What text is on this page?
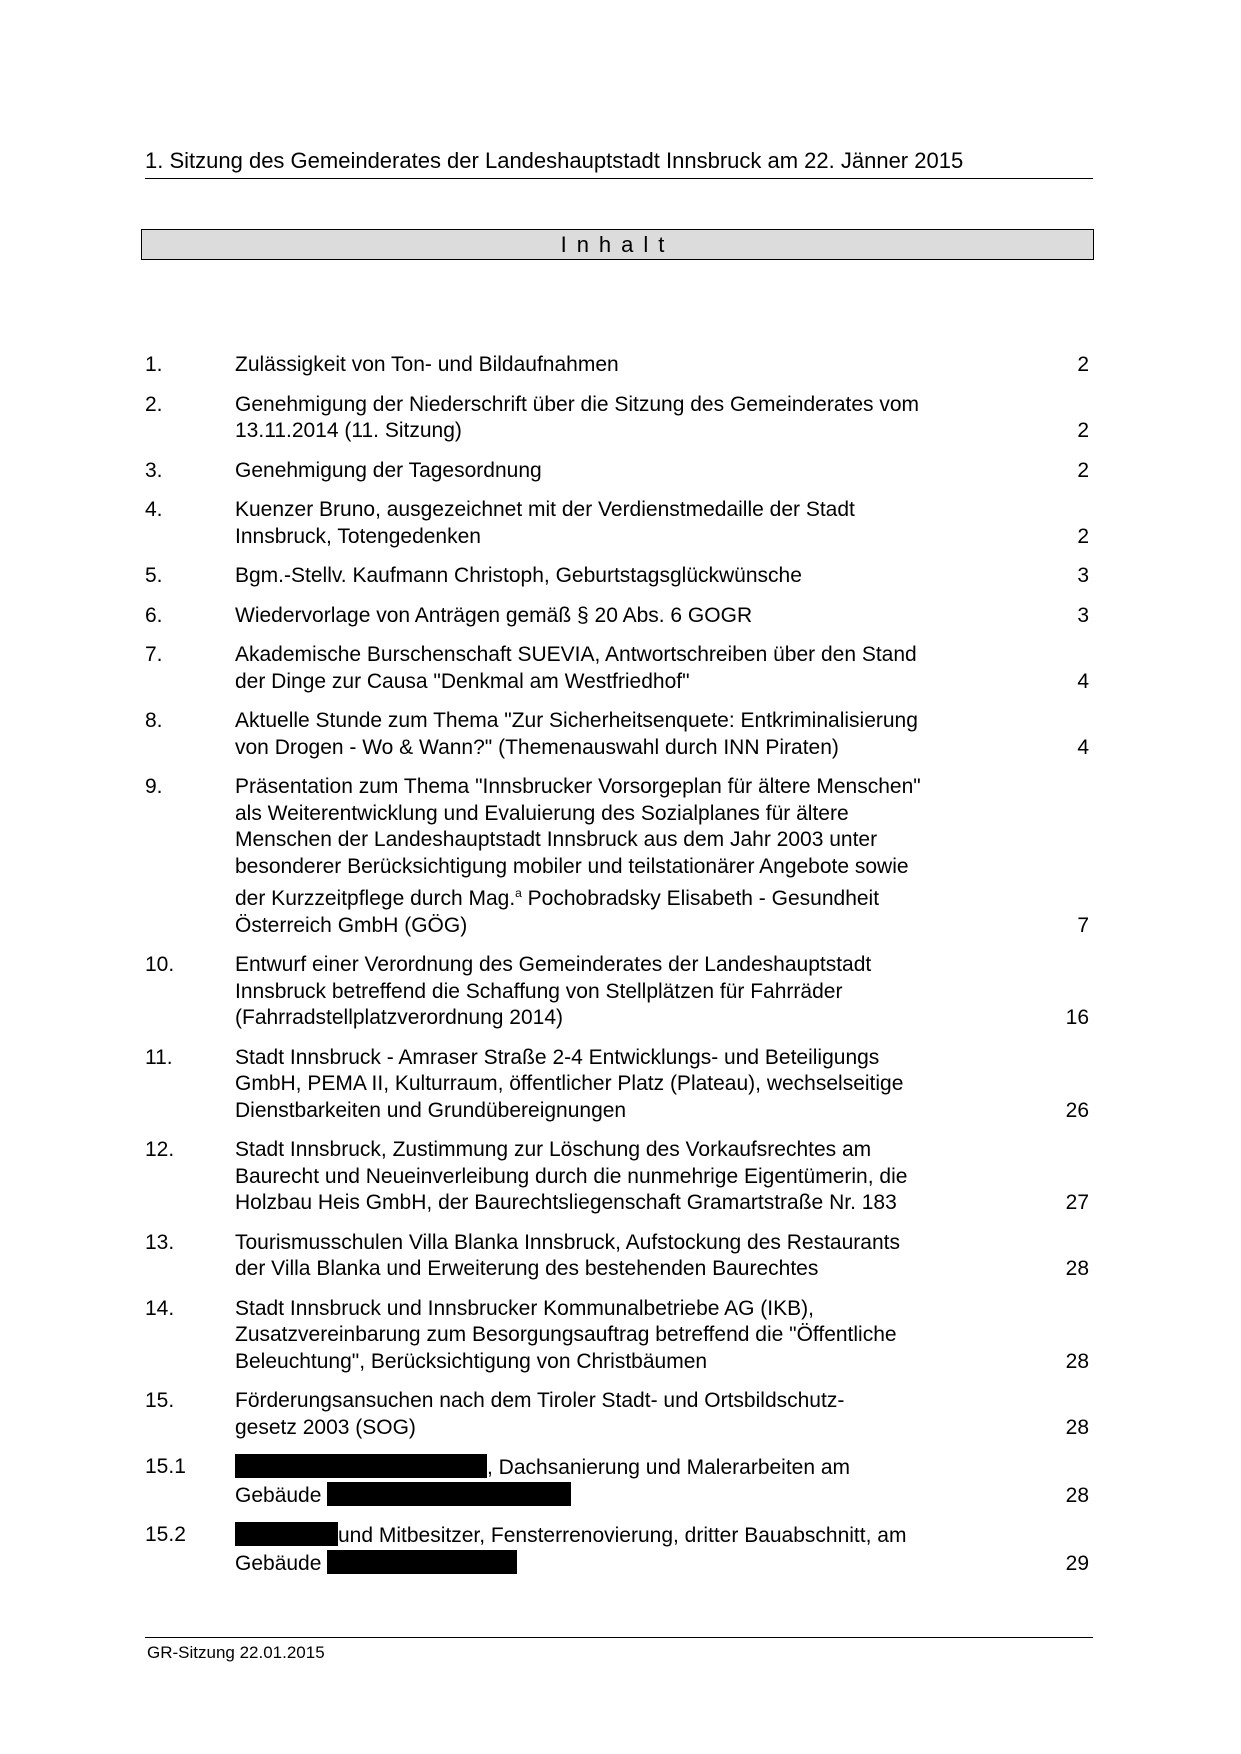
1. Sitzung des Gemeinderates der Landeshauptstadt Innsbruck am 22. Jänner 2015
Inhalt
1.	Zulässigkeit von Ton- und Bildaufnahmen	2
2.	Genehmigung der Niederschrift über die Sitzung des Gemeinderates vom
13.11.2014 (11. Sitzung)	2
3.	Genehmigung der Tagesordnung	2
4.	Kuenzer Bruno, ausgezeichnet mit der Verdienstmedaille der Stadt
Innsbruck, Totengedenken	2
5.	Bgm.-Stellv. Kaufmann Christoph, Geburtstagsglückwünsche	3
6.	Wiedervorlage von Anträgen gemäß § 20 Abs. 6 GOGR	3
7.	Akademische Burschenschaft SUEVIA, Antwortschreiben über den Stand
der Dinge zur Causa "Denkmal am Westfriedhof"	4
8.	Aktuelle Stunde zum Thema "Zur Sicherheitsenquete: Entkriminalisierung
von Drogen - Wo & Wann?" (Themenauswahl durch INN Piraten)	4
9.	Präsentation zum Thema "Innsbrucker Vorsorgeplan für ältere Menschen"
als Weiterentwicklung und Evaluierung des Sozialplanes für ältere
Menschen der Landeshauptstadt Innsbruck aus dem Jahr 2003 unter
besonderer Berücksichtigung mobiler und teilstationärer Angebote sowie
der Kurzzeitpflege durch Mag.$^a$ Pochobradsky Elisabeth - Gesundheit
Österreich GmbH (GÖG)	7
10.	Entwurf einer Verordnung des Gemeinderates der Landeshauptstadt
Innsbruck betreffend die Schaffung von Stellplätzen für Fahrräder
(Fahrradstellplatzverordnung 2014)	16
11.	Stadt Innsbruck - Amraser Straße 2-4 Entwicklungs- und Beteiligungs
GmbH, PEMA II, Kulturraum, öffentlicher Platz (Plateau), wechselseitige
Dienstbarkeiten und Grundübereignungen	26
12.	Stadt Innsbruck, Zustimmung zur Löschung des Vorkaufsrechtes am
Baurecht und Neueinverleibung durch die nunmehrige Eigentümerin, die
Holzbau Heis GmbH, der Baurechtsliegenschaft Gramartstraße Nr. 183	27
13.	Tourismusschulen Villa Blanka Innsbruck, Aufstockung des Restaurants
der Villa Blanka und Erweiterung des bestehenden Baurechtes	28
14.	Stadt Innsbruck und Innsbrucker Kommunalbetriebe AG (IKB),
Zusatzvereinbarung zum Besorgungsauftrag betreffend die "Öffentliche
Beleuchtung", Berücksichtigung von Christbäumen	28
15.	Förderungsansuchen nach dem Tiroler Stadt- und Ortsbildschutz-
gesetz 2003 (SOG)	28
15.1	, Dachsanierung und Malerarbeiten am
Gebäude	28
15.2	und Mitbesitzer, Fensterrenovierung, dritter Bauabschnitt, am
Gebäude	29
GR-Sitzung 22.01.2015
